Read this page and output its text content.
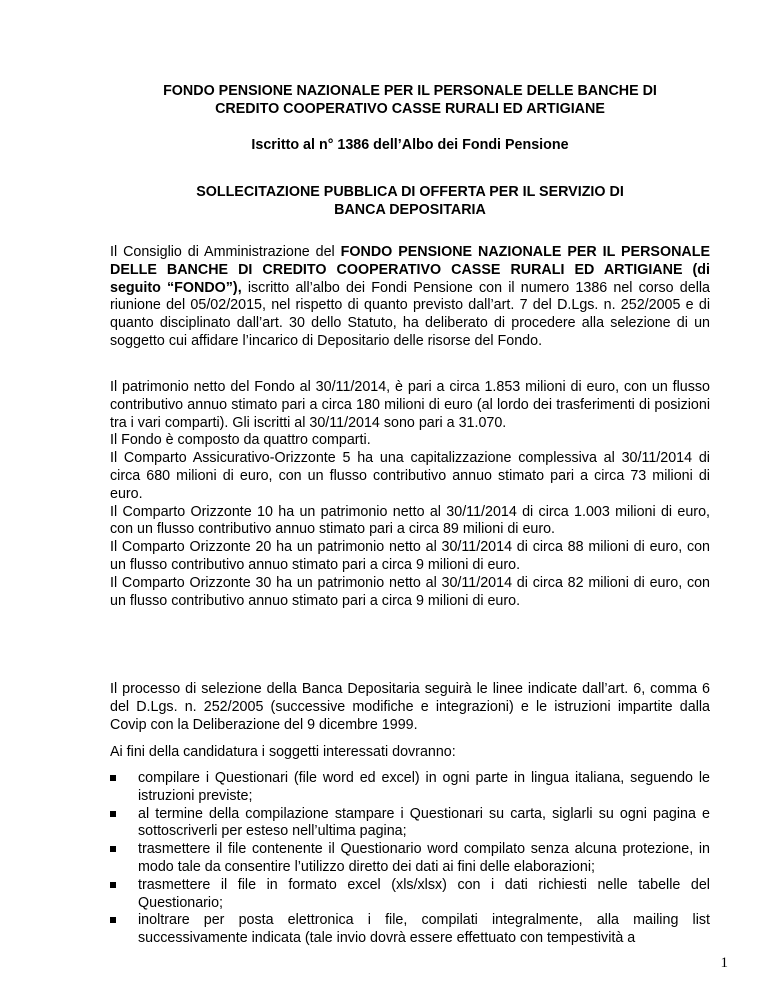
FONDO PENSIONE NAZIONALE PER IL PERSONALE DELLE BANCHE DI

CREDITO COOPERATIVO CASSE RURALI ED ARTIGIANE

Iscritto al n° 1386 dell’Albo dei Fondi Pensione

SOLLECITAZIONE PUBBLICA DI OFFERTA PER IL SERVIZIO DI

BANCA DEPOSITARIA

Il Consiglio di Amministrazione del FONDO PENSIONE NAZIONALE PER IL PERSONALE DELLE BANCHE DI CREDITO COOPERATIVO CASSE RURALI ED ARTIGIANE (di seguito “FONDO”), iscritto all’albo dei Fondi Pensione con il numero 1386 nel corso della riunione del 05/02/2015, nel rispetto di quanto previsto dall’art. 7 del D.Lgs. n. 252/2005 e di quanto disciplinato dall’art. 30 dello Statuto, ha deliberato di procedere alla selezione di un soggetto cui affidare l’incarico di Depositario delle risorse del Fondo.

Il patrimonio netto del Fondo al 30/11/2014, è pari a circa 1.853 milioni di euro, con un flusso contributivo annuo stimato pari a circa 180 milioni di euro (al lordo dei trasferimenti di posizioni tra i vari comparti). Gli iscritti al 30/11/2014 sono pari a 31.070.

Il Fondo è composto da quattro comparti.

Il Comparto Assicurativo-Orizzonte 5 ha una capitalizzazione complessiva al 30/11/2014 di circa 680 milioni di euro, con un flusso contributivo annuo stimato pari a circa 73 milioni di euro.

Il Comparto Orizzonte 10 ha un patrimonio netto al 30/11/2014 di circa 1.003 milioni di euro, con un flusso contributivo annuo stimato pari a circa 89 milioni di euro.

Il Comparto Orizzonte 20 ha un patrimonio netto al 30/11/2014 di circa 88 milioni di euro, con un flusso contributivo annuo stimato pari a circa 9 milioni di euro.

Il Comparto Orizzonte 30 ha un patrimonio netto al 30/11/2014 di circa 82 milioni di euro, con un flusso contributivo annuo stimato pari a circa 9 milioni di euro.

Il processo di selezione della Banca Depositaria seguirà le linee indicate dall’art. 6, comma 6 del D.Lgs. n. 252/2005 (successive modifiche e integrazioni) e le istruzioni impartite dalla Covip con la Deliberazione del 9 dicembre 1999.

Ai fini della candidatura i soggetti interessati dovranno:

compilare i Questionari (file word ed excel) in ogni parte in lingua italiana, seguendo le istruzioni previste;
al termine della compilazione stampare i Questionari su carta, siglarli su ogni pagina e sottoscriverli per esteso nell’ultima pagina;
trasmettere il file contenente il Questionario word compilato senza alcuna protezione, in modo tale da consentire l’utilizzo diretto dei dati ai fini delle elaborazioni;
trasmettere il file in formato excel (xls/xlsx) con i dati richiesti nelle tabelle del Questionario;
inoltrare per posta elettronica i file, compilati integralmente, alla mailing list successivamente indicata (tale invio dovrà essere effettuato con tempestività a
1
